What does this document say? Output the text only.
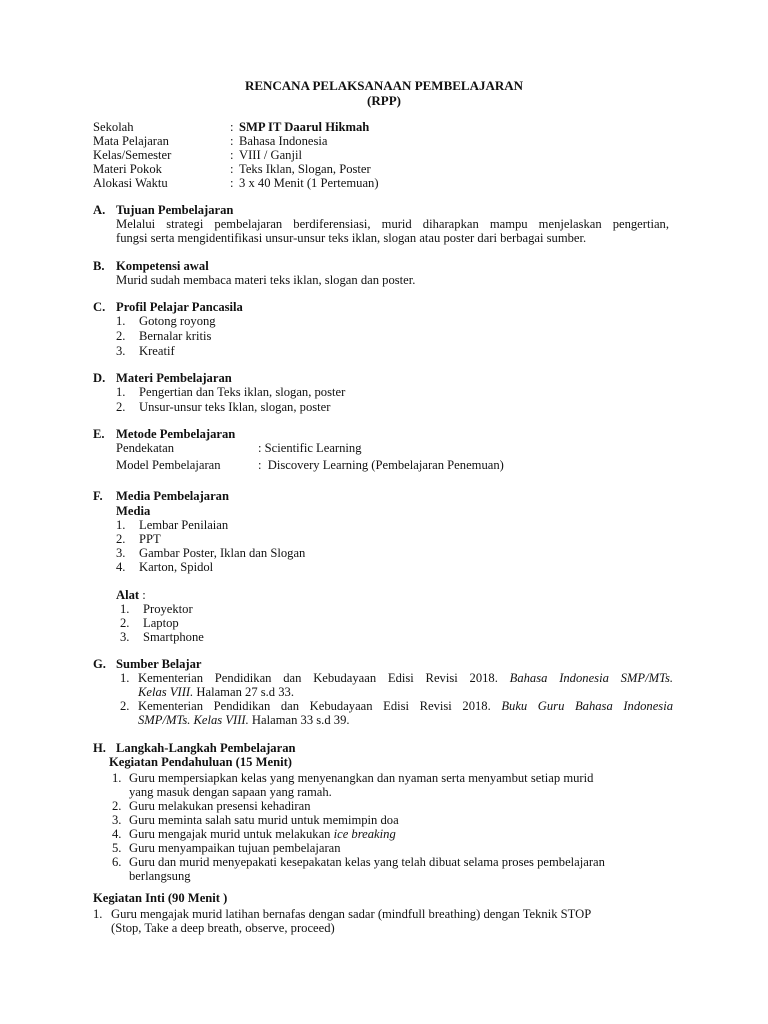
RENCANA PELAKSANAAN PEMBELAJARAN
(RPP)
Sekolah	: SMP IT Daarul Hikmah
Mata Pelajaran	: Bahasa Indonesia
Kelas/Semester	: VIII / Ganjil
Materi Pokok	: Teks Iklan, Slogan, Poster
Alokasi Waktu	: 3 x 40 Menit (1 Pertemuan)
A. Tujuan Pembelajaran
Melalui strategi pembelajaran berdiferensiasi, murid diharapkan mampu menjelaskan pengertian,
fungsi serta mengidentifikasi unsur-unsur teks iklan, slogan atau poster dari berbagai sumber.
B. Kompetensi awal
Murid sudah membaca materi teks iklan, slogan dan poster.
C. Profil Pelajar Pancasila
1. Gotong royong
2. Bernalar kritis
3. Kreatif
D. Materi Pembelajaran
1. Pengertian dan Teks iklan, slogan, poster
2. Unsur-unsur teks Iklan, slogan, poster
E. Metode Pembelajaran
Pendekatan	: Scientific Learning
Model Pembelajaran	:  Discovery Learning (Pembelajaran Penemuan)
F. Media Pembelajaran
Media
1. Lembar Penilaian
2. PPT
3. Gambar Poster, Iklan dan Slogan
4. Karton, Spidol
Alat :
1. Proyektor
2. Laptop
3. Smartphone
G. Sumber Belajar
1. Kementerian Pendidikan dan Kebudayaan Edisi Revisi 2018. Bahasa Indonesia SMP/MTs.
Kelas VIII. Halaman 27 s.d 33.
2. Kementerian Pendidikan dan Kebudayaan Edisi Revisi 2018. Buku Guru Bahasa Indonesia
SMP/MTs. Kelas VIII. Halaman 33 s.d 39.
H. Langkah-Langkah Pembelajaran
Kegiatan Pendahuluan (15 Menit)
1. Guru mempersiapkan kelas yang menyenangkan dan nyaman serta menyambut setiap murid
yang masuk dengan sapaan yang ramah.
2. Guru melakukan presensi kehadiran
3. Guru meminta salah satu murid untuk memimpin doa
4. Guru mengajak murid untuk melakukan ice breaking
5. Guru menyampaikan tujuan pembelajaran
6. Guru dan murid menyepakati kesepakatan kelas yang telah dibuat selama proses pembelajaran
berlangsung
Kegiatan Inti (90 Menit )
1. Guru mengajak murid latihan bernafas dengan sadar (mindfull breathing) dengan Teknik STOP
(Stop, Take a deep breath, observe, proceed)
